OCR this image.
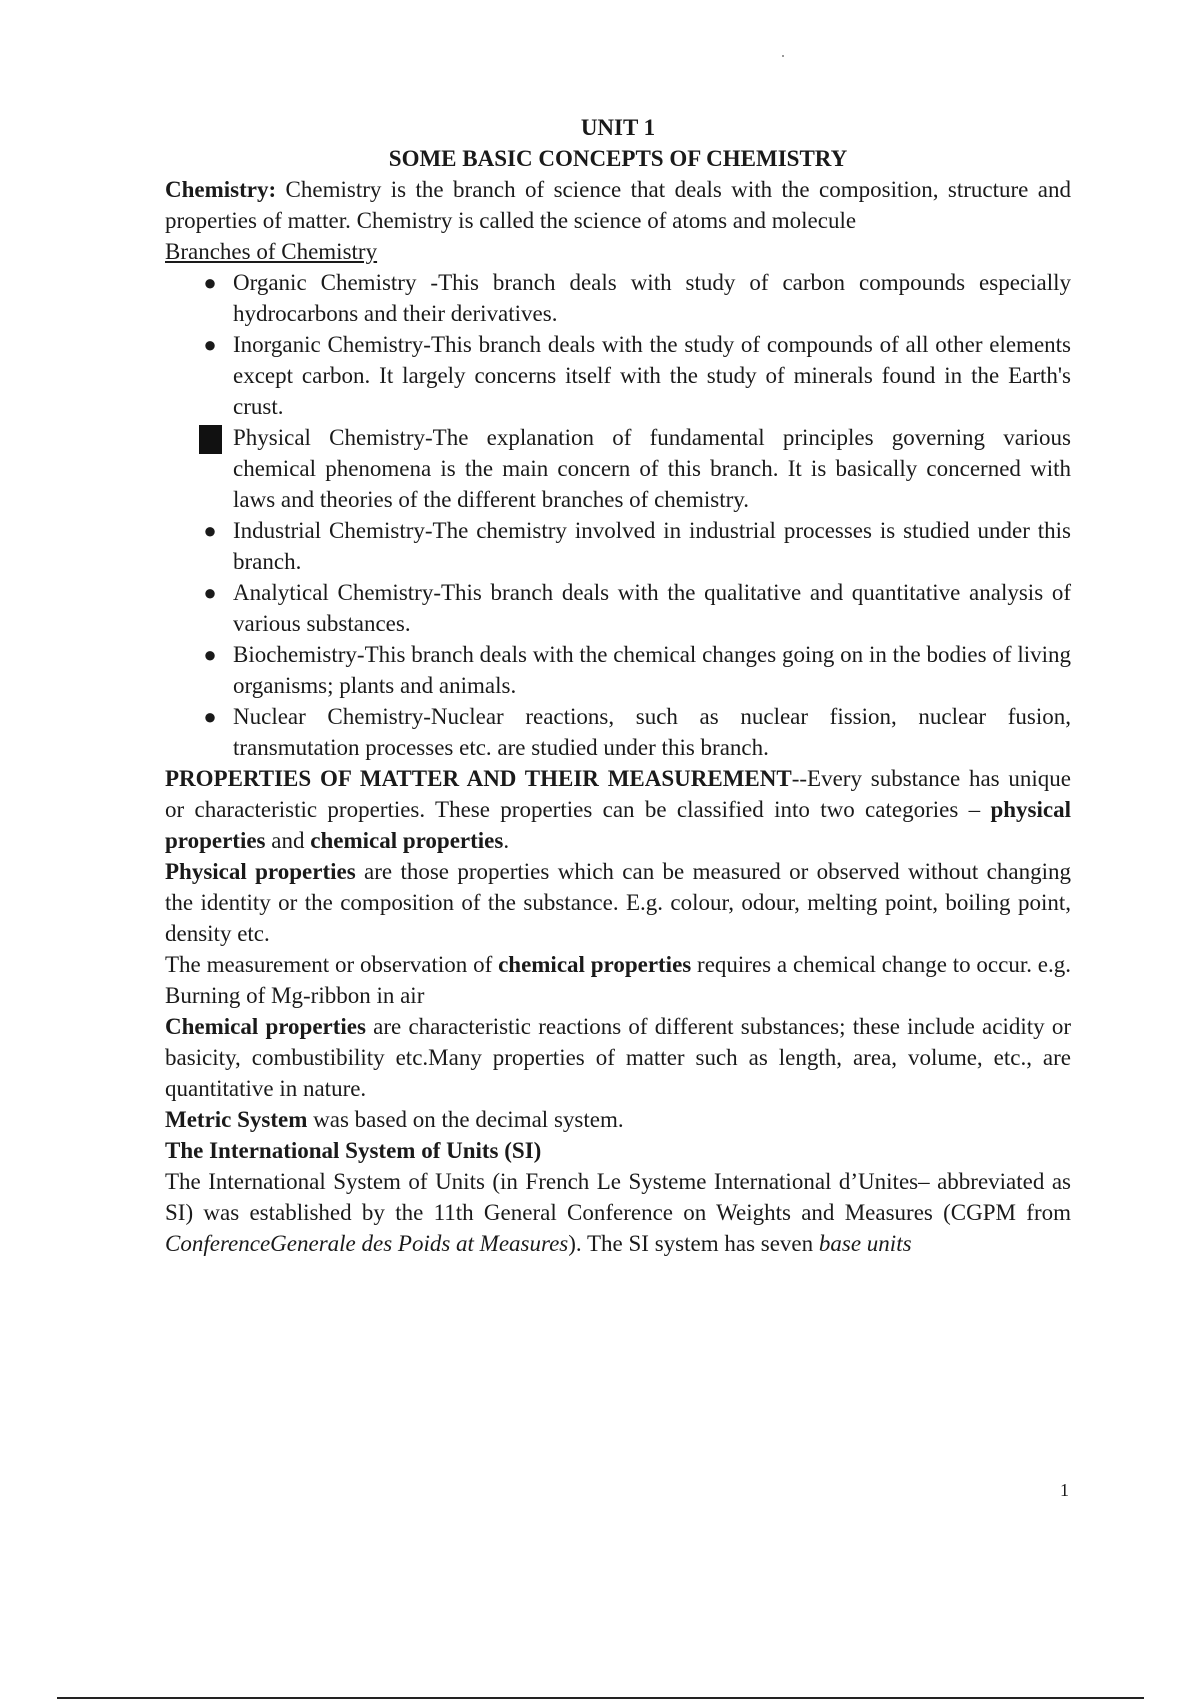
UNIT 1

SOME BASIC CONCEPTS OF CHEMISTRY

Chemistry: Chemistry is the branch of science that deals with the composition, structure and properties of matter. Chemistry is called the science of atoms and molecule

Branches of Chemistry

● Organic Chemistry -This branch deals with study of carbon compounds especially hydrocarbons and their derivatives.
● Inorganic Chemistry-This branch deals with the study of compounds of all other elements except carbon. It largely concerns itself with the study of minerals found in the Earth's crust.
Physical Chemistry-The explanation of fundamental principles governing various chemical phenomena is the main concern of this branch. It is basically concerned with laws and theories of the different branches of chemistry.
● Industrial Chemistry-The chemistry involved in industrial processes is studied under this branch.
● Analytical Chemistry-This branch deals with the qualitative and quantitative analysis of various substances.
● Biochemistry-This branch deals with the chemical changes going on in the bodies of living organisms; plants and animals.
● Nuclear Chemistry-Nuclear reactions, such as nuclear fission, nuclear fusion, transmutation processes etc. are studied under this branch.

PROPERTIES OF MATTER AND THEIR MEASUREMENT--Every substance has unique or characteristic properties. These properties can be classified into two categories – physical properties and chemical properties.

Physical properties are those properties which can be measured or observed without changing the identity or the composition of the substance. E.g. colour, odour, melting point, boiling point, density etc.

The measurement or observation of chemical properties requires a chemical change to occur. e.g. Burning of Mg-ribbon in air

Chemical properties are characteristic reactions of different substances; these include acidity or basicity, combustibility etc.Many properties of matter such as length, area, volume, etc., are quantitative in nature.

Metric System was based on the decimal system.

The International System of Units (SI)

The International System of Units (in French Le Systeme International d’Unites– abbreviated as SI) was established by the 11th General Conference on Weights and Measures (CGPM from ConferenceGenerale des Poids at Measures). The SI system has seven base units

1
